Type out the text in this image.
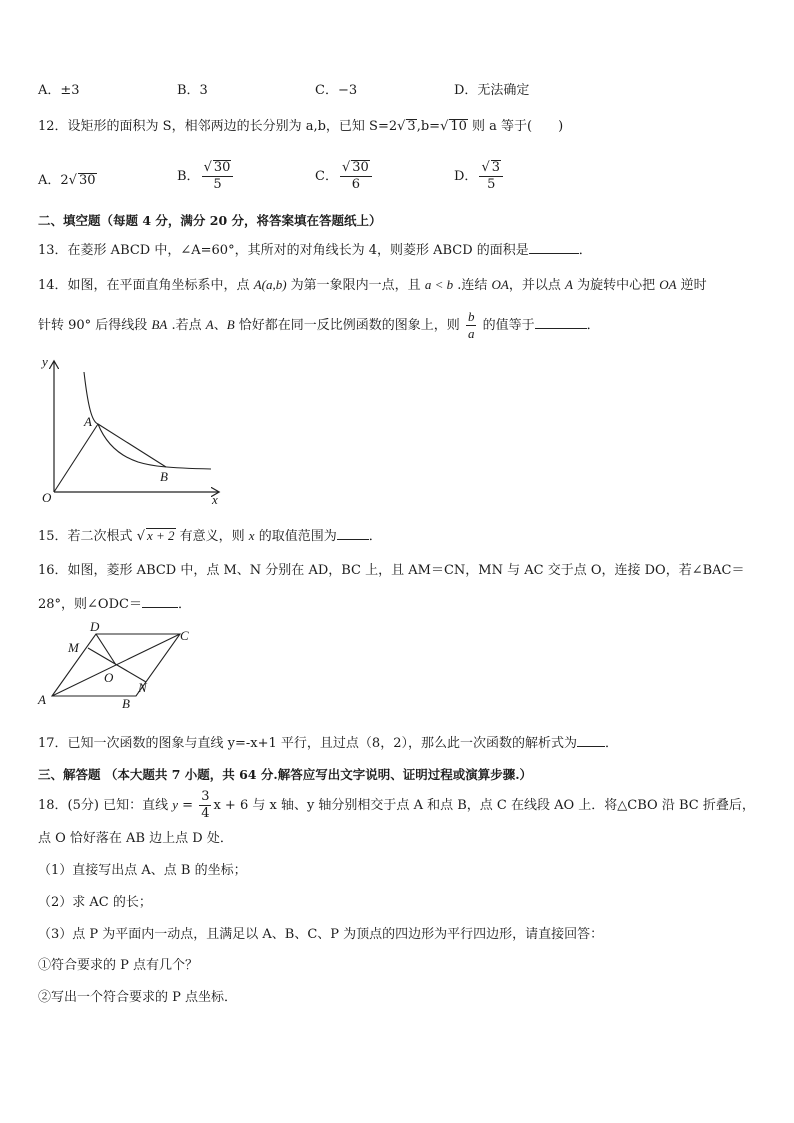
A．±3	B．3	C．−3	D．无法确定
12．设矩形的面积为 S，相邻两边的长分别为 a,b，已知 S=2√ 3,b=√ 10 则 a 等于(　　)
A．2√ 30	B． $\frac{√ 30}{5}$	C． $\frac{√ 30}{6}$	D． $\frac{√ 3}{5}$
二、填空题（每题 4 分，满分 20 分，将答案填在答题纸上）
13．在菱形 ABCD 中，∠A=60°，其所对的对角线长为 4，则菱形 ABCD 的面积是	．
14．如图，在平面直角坐标系中，点 A(a,b) 为第一象限内一点，且 a < b .连结 OA，并以点 A 为旋转中心把 OA 逆时
针转 90° 后得线段 BA .若点 A、B 恰好都在同一反比例函数的图象上，则 $\frac{b}{a}$ 的值等于	．
y
x
O
A
B
15．若二次根式 √ x + 2 有意义，则 x 的取值范围为 ．
16．如图，菱形 ABCD 中，点 M、N 分别在 AD，BC 上，且 AM＝CN，MN 与 AC 交于点 O，连接 DO，若∠BAC＝
28°，则∠ODC＝	．
D
C
M
O
N
A	B
17．已知一次函数的图象与直线 y=-x+1 平行，且过点（8，2），那么此一次函数的解析式为 ．
三、解答题 （本大题共 7 小题，共 64 分.解答应写出文字说明、证明过程或演算步骤.）
18．(5分) 已知：直线 $y = \frac{3}{4}$ x + 6 与 x 轴、y 轴分别相交于点 A 和点 B，点 C 在线段 AO 上．将△CBO 沿 BC 折叠后，
点 O 恰好落在 AB 边上点 D 处．
（1）直接写出点 A、点 B 的坐标；
（2）求 AC 的长；
（3）点 P 为平面内一动点，且满足以 A、B、C、P 为顶点的四边形为平行四边形，请直接回答：
①符合要求的 P 点有几个？
②写出一个符合要求的 P 点坐标．
